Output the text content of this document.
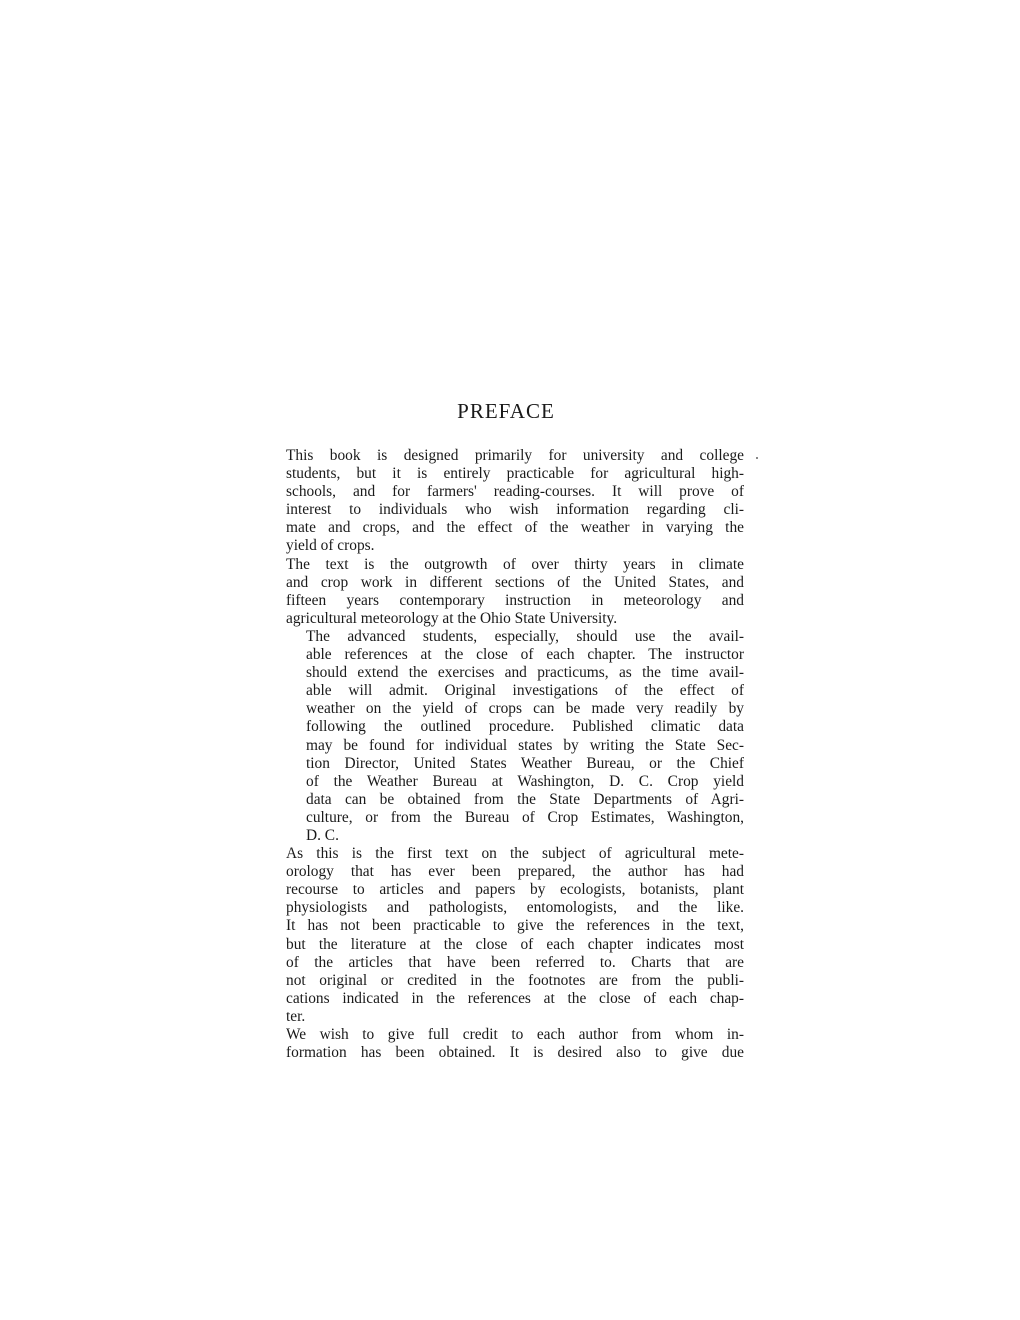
PREFACE

This book is designed primarily for university and college
students, but it is entirely practicable for agricultural high-
schools, and for farmers' reading-courses. It will prove of
interest to individuals who wish information regarding cli-
mate and crops, and the effect of the weather in varying the
yield of crops.

The text is the outgrowth of over thirty years in climate
and crop work in different sections of the United States, and
fifteen years contemporary instruction in meteorology and
agricultural meteorology at the Ohio State University.

The advanced students, especially, should use the avail-
able references at the close of each chapter. The instructor
should extend the exercises and practicums, as the time avail-
able will admit. Original investigations of the effect of
weather on the yield of crops can be made very readily by
following the outlined procedure. Published climatic data
may be found for individual states by writing the State Sec-
tion Director, United States Weather Bureau, or the Chief
of the Weather Bureau at Washington, D. C. Crop yield
data can be obtained from the State Departments of Agri-
culture, or from the Bureau of Crop Estimates, Washington,
D. C.

As this is the first text on the subject of agricultural mete-
orology that has ever been prepared, the author has had
recourse to articles and papers by ecologists, botanists, plant
physiologists and pathologists, entomologists, and the like.
It has not been practicable to give the references in the text,
but the literature at the close of each chapter indicates most
of the articles that have been referred to. Charts that are
not original or credited in the footnotes are from the publi-
cations indicated in the references at the close of each chap-
ter.

We wish to give full credit to each author from whom in-
formation has been obtained. It is desired also to give due
